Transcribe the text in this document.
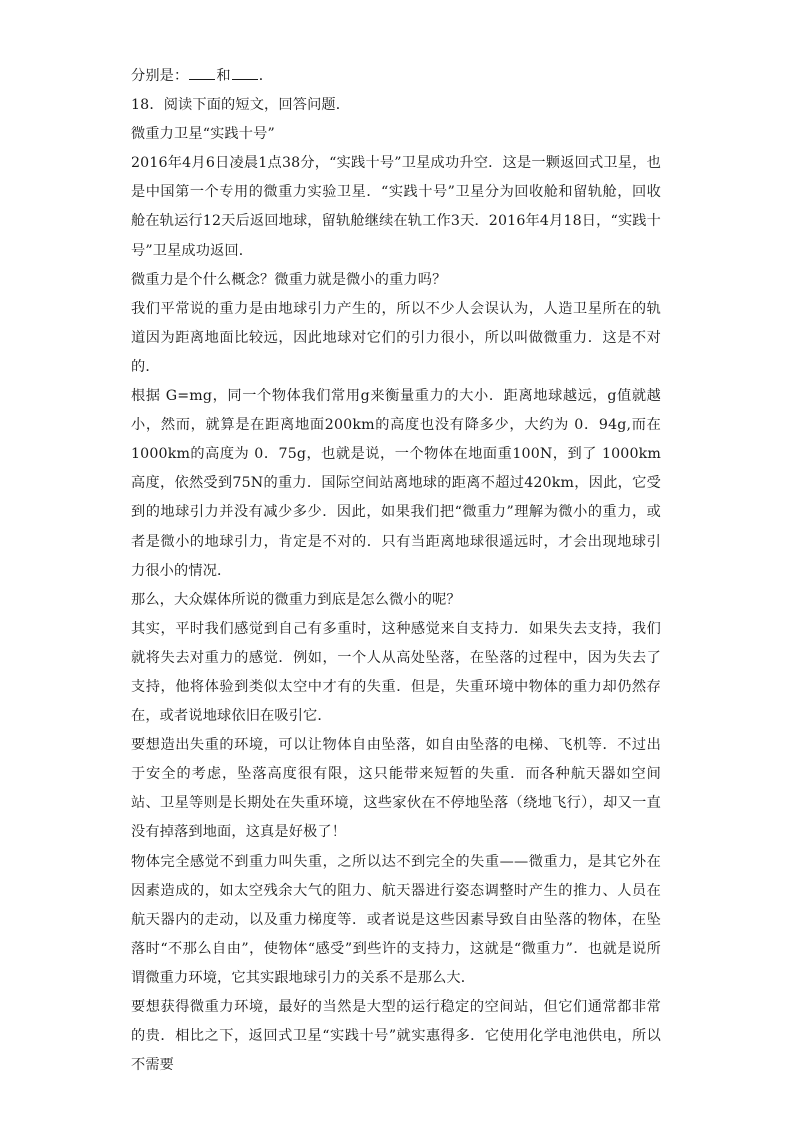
分别是： 和 ．

18．阅读下面的短文，回答问题．

微重力卫星“实践十号”

2016年4月6日凌晨1点38分，“实践十号”卫星成功升空．这是一颗返回式卫星，也是中国第一个专用的微重力实验卫星．“实践十号”卫星分为回收舱和留轨舱，回收舱在轨运行12天后返回地球，留轨舱继续在轨工作3天．2016年4月18日，“实践十号”卫星成功返回．

微重力是个什么概念？微重力就是微小的重力吗？

我们平常说的重力是由地球引力产生的，所以不少人会误认为，人造卫星所在的轨道因为距离地面比较远，因此地球对它们的引力很小，所以叫做微重力．这是不对的．

根据 G=mg，同一个物体我们常用g来衡量重力的大小．距离地球越远，g值就越小，然而，就算是在距离地面200km的高度也没有降多少，大约为 0．94g,而在1000km的高度为 0．75g，也就是说，一个物体在地面重100N，到了 1000km高度，依然受到75N的重力．国际空间站离地球的距离不超过420km，因此，它受到的地球引力并没有减少多少．因此，如果我们把“微重力”理解为微小的重力，或者是微小的地球引力，肯定是不对的．只有当距离地球很遥远时，才会出现地球引力很小的情况．

那么，大众媒体所说的微重力到底是怎么微小的呢？

其实，平时我们感觉到自己有多重时，这种感觉来自支持力．如果失去支持，我们就将失去对重力的感觉．例如，一个人从高处坠落，在坠落的过程中，因为失去了支持，他将体验到类似太空中才有的失重．但是，失重环境中物体的重力却仍然存在，或者说地球依旧在吸引它．

要想造出失重的环境，可以让物体自由坠落，如自由坠落的电梯、飞机等．不过出于安全的考虑，坠落高度很有限，这只能带来短暂的失重．而各种航天器如空间站、卫星等则是长期处在失重环境，这些家伙在不停地坠落（绕地飞行），却又一直没有掉落到地面，这真是好极了！

物体完全感觉不到重力叫失重，之所以达不到完全的失重——微重力，是其它外在因素造成的，如太空残余大气的阻力、航天器进行姿态调整时产生的推力、人员在航天器内的走动，以及重力梯度等．或者说是这些因素导致自由坠落的物体，在坠落时“不那么自由”，使物体“感受”到些许的支持力，这就是“微重力”．也就是说所谓微重力环境，它其实跟地球引力的关系不是那么大．

要想获得微重力环境，最好的当然是大型的运行稳定的空间站，但它们通常都非常的贵．相比之下，返回式卫星“实践十号”就实惠得多．它使用化学电池供电，所以不需要
